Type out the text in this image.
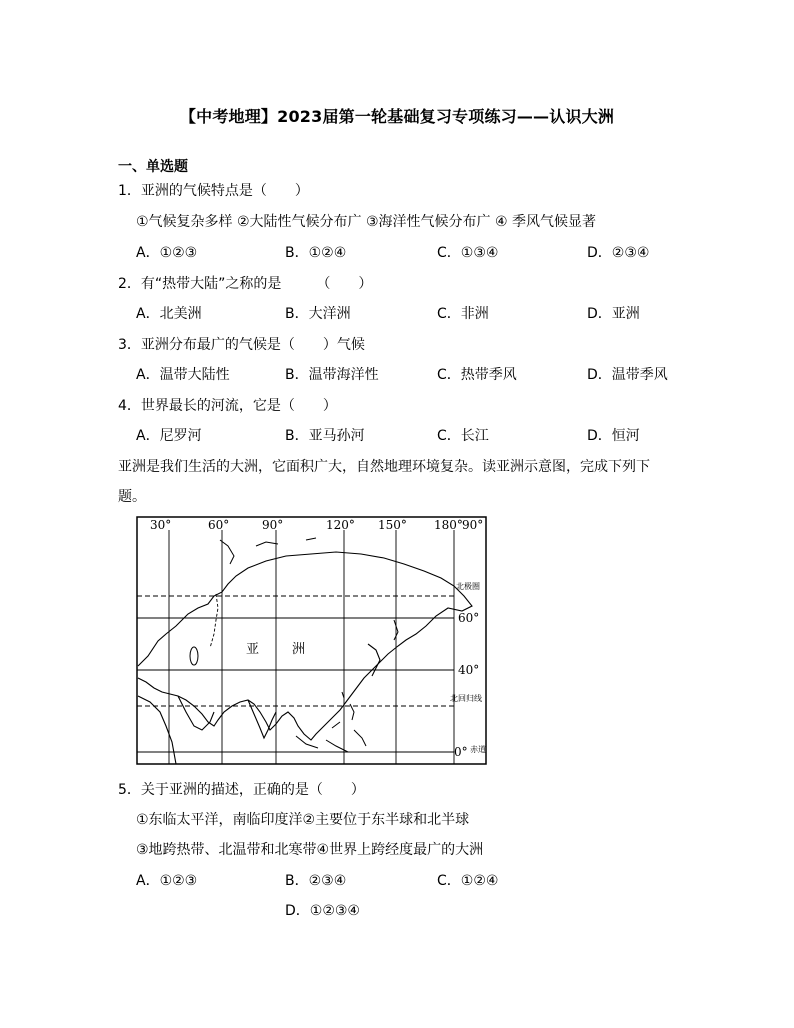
【中考地理】2023届第一轮基础复习专项练习——认识大洲
一、单选题
1．亚洲的气候特点是（　　）
①气候复杂多样 ②大陆性气候分布广 ③海洋性气候分布广 ④ 季风气候显著
A．①②③	B．①②④	C．①③④	D．②③④
2．有“热带大陆”之称的是　　　（　　）
A．北美洲	B．大洋洲	C．非洲	D．亚洲
3．亚洲分布最广的气候是（　　）气候
A．温带大陆性	B．温带海洋性	C．热带季风	D．温带季风
4．世界最长的河流，它是（　　）
A．尼罗河	B．亚马孙河	C．长江	D．恒河
亚洲是我们生活的大洲，它面积广大，自然地理环境复杂。读亚洲示意图，完成下列下
题。
30°	60°	90°	120° 150° 180° 90°
北极圈
60°
40°
北回归线
0° 赤道
亚	洲
5．关于亚洲的描述，正确的是（　　）
①东临太平洋，南临印度洋②主要位于东半球和北半球
③地跨热带、北温带和北寒带④世界上跨经度最广的大洲
A．①②③	B．②③④	C．①②④
D．①②③④
